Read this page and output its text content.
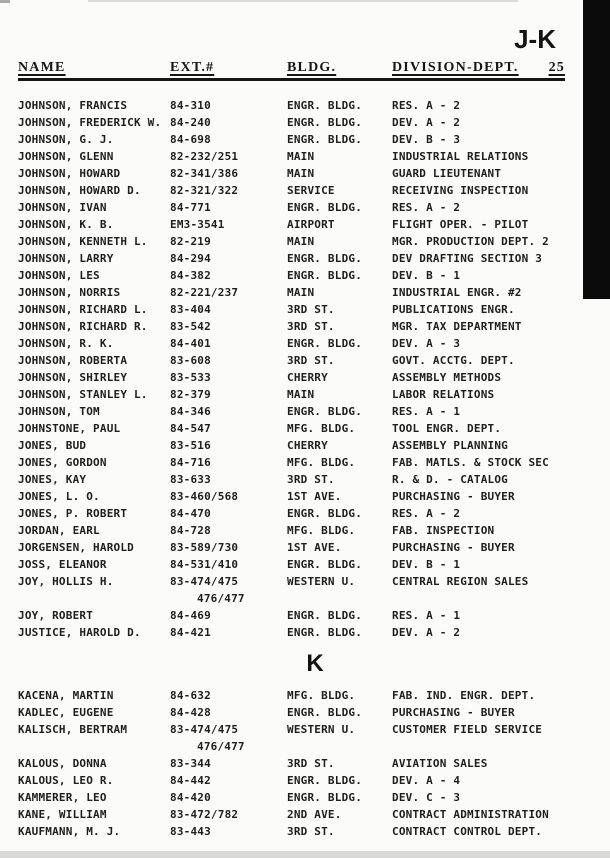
J-K
NAME	EXT.#	BLDG.	DIVISION-DEPT.	25
JOHNSON, FRANCIS	84-310	ENGR. BLDG.	RES. A - 2
JOHNSON, FREDERICK W. 84-240	ENGR. BLDG.	DEV. A - 2
JOHNSON, G. J.	84-698	ENGR. BLDG.	DEV. B - 3
JOHNSON, GLENN	82-232/251	MAIN	INDUSTRIAL RELATIONS
JOHNSON, HOWARD	82-341/386	MAIN	GUARD LIEUTENANT
JOHNSON, HOWARD D.	82-321/322	SERVICE	RECEIVING INSPECTION
JOHNSON, IVAN	84-771	ENGR. BLDG.	RES. A - 2
JOHNSON, K. B.	EM3-3541	AIRPORT	FLIGHT OPER. - PILOT
JOHNSON, KENNETH L.	82-219	MAIN	MGR. PRODUCTION DEPT. 2
JOHNSON, LARRY	84-294	ENGR. BLDG.	DEV DRAFTING SECTION 3
JOHNSON, LES	84-382	ENGR. BLDG.	DEV. B - 1
JOHNSON, NORRIS	82-221/237	MAIN	INDUSTRIAL ENGR. #2
JOHNSON, RICHARD L.	83-404	3RD ST.	PUBLICATIONS ENGR.
JOHNSON, RICHARD R.	83-542	3RD ST.	MGR. TAX DEPARTMENT
JOHNSON, R. K.	84-401	ENGR. BLDG.	DEV. A - 3
JOHNSON, ROBERTA	83-608	3RD ST.	GOVT. ACCTG. DEPT.
JOHNSON, SHIRLEY	83-533	CHERRY	ASSEMBLY METHODS
JOHNSON, STANLEY L.	82-379	MAIN	LABOR RELATIONS
JOHNSON, TOM	84-346	ENGR. BLDG.	RES. A - 1
JOHNSTONE, PAUL	84-547	MFG. BLDG.	TOOL ENGR. DEPT.
JONES, BUD	83-516	CHERRY	ASSEMBLY PLANNING
JONES, GORDON	84-716	MFG. BLDG.	FAB. MATLS. & STOCK SEC
JONES, KAY	83-633	3RD ST.	R. & D. - CATALOG
JONES, L. O.	83-460/568	1ST AVE.	PURCHASING - BUYER
JONES, P. ROBERT	84-470	ENGR. BLDG.	RES. A - 2
JORDAN, EARL	84-728	MFG. BLDG.	FAB. INSPECTION
JORGENSEN, HAROLD	83-589/730	1ST AVE.	PURCHASING - BUYER
JOSS, ELEANOR	84-531/410	ENGR. BLDG.	DEV. B - 1
JOY, HOLLIS H.	83-474/475	WESTERN U.	CENTRAL REGION SALES
476/477
JOY, ROBERT	84-469	ENGR. BLDG.	RES. A - 1
JUSTICE, HAROLD D.	84-421	ENGR. BLDG.	DEV. A - 2
K
KACENA, MARTIN	84-632	MFG. BLDG.	FAB. IND. ENGR. DEPT.
KADLEC, EUGENE	84-428	ENGR. BLDG.	PURCHASING - BUYER
KALISCH, BERTRAM	83-474/475	WESTERN U.	CUSTOMER FIELD SERVICE
476/477
KALOUS, DONNA	83-344	3RD ST.	AVIATION SALES
KALOUS, LEO R.	84-442	ENGR. BLDG.	DEV. A - 4
KAMMERER, LEO	84-420	ENGR. BLDG.	DEV. C - 3
KANE, WILLIAM	83-472/782	2ND AVE.	CONTRACT ADMINISTRATION
KAUFMANN, M. J.	83-443	3RD ST.	CONTRACT CONTROL DEPT.
